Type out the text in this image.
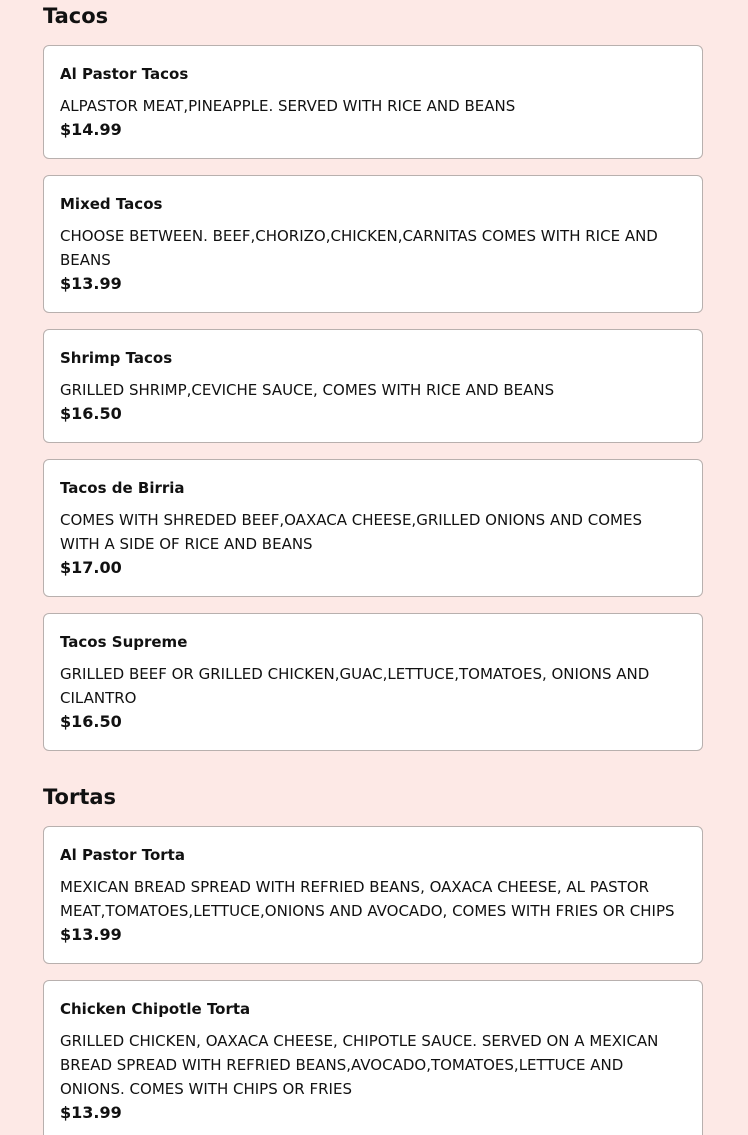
Tacos
Al Pastor Tacos
ALPASTOR MEAT,PINEAPPLE. SERVED WITH RICE AND BEANS
$14.99
Mixed Tacos
CHOOSE BETWEEN. BEEF,CHORIZO,CHICKEN,CARNITAS COMES WITH RICE AND BEANS
$13.99
Shrimp Tacos
GRILLED SHRIMP,CEVICHE SAUCE, COMES WITH RICE AND BEANS
$16.50
Tacos de Birria
COMES WITH SHREDED BEEF,OAXACA CHEESE,GRILLED ONIONS AND COMES WITH A SIDE OF RICE AND BEANS
$17.00
Tacos Supreme
GRILLED BEEF OR GRILLED CHICKEN,GUAC,LETTUCE,TOMATOES, ONIONS AND CILANTRO
$16.50
Tortas
Al Pastor Torta
MEXICAN BREAD SPREAD WITH REFRIED BEANS, OAXACA CHEESE, AL PASTOR MEAT,TOMATOES,LETTUCE,ONIONS AND AVOCADO, COMES WITH FRIES OR CHIPS
$13.99
Chicken Chipotle Torta
GRILLED CHICKEN, OAXACA CHEESE, CHIPOTLE SAUCE. SERVED ON A MEXICAN BREAD SPREAD WITH REFRIED BEANS,AVOCADO,TOMATOES,LETTUCE AND ONIONS. COMES WITH CHIPS OR FRIES
$13.99
